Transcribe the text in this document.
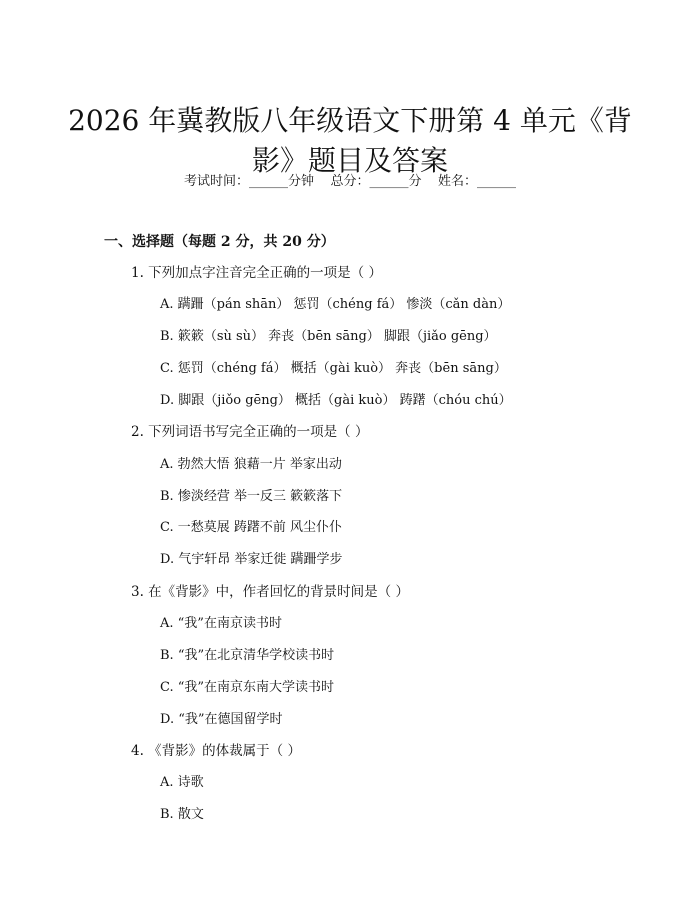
2026 年冀教版八年级语文下册第 4 单元《背
影》题目及答案
考试时间：______分钟    总分：______分    姓名：______
一、选择题（每题 2 分，共 20 分）
1. 下列加点字注音完全正确的一项是（ ）
A. 蹒跚（pán shān） 惩罚（chéng fá） 惨淡（cǎn dàn）
B. 簌簌（sù sù） 奔丧（bēn sāng） 脚跟（jiǎo gēng）
C. 惩罚（chéng fá） 概括（gài kuò） 奔丧（bēn sāng）
D. 脚跟（jiǒo gēng） 概括（gài kuò） 踌躇（chóu chú）
2. 下列词语书写完全正确的一项是（ ）
A. 勃然大悟 狼藉一片 举家出动
B. 惨淡经营 举一反三 簌簌落下
C. 一愁莫展 踌躇不前 风尘仆仆
D. 气宇轩昂 举家迁徙 蹒跚学步
3. 在《背影》中，作者回忆的背景时间是（ ）
A. “我”在南京读书时
B. “我”在北京清华学校读书时
C. “我”在南京东南大学读书时
D. “我”在德国留学时
4. 《背影》的体裁属于（ ）
A. 诗歌
B. 散文
